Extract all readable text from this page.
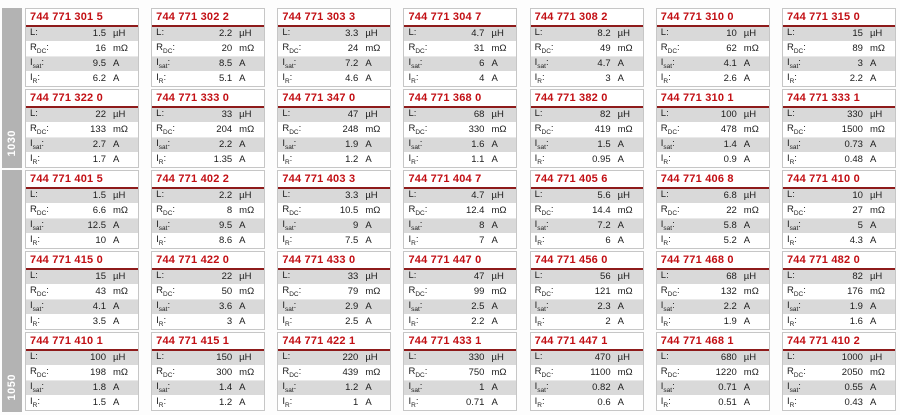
1030
1050
744 771 301 5
L:	1.5 µH
$R_{DC}$:	16 mΩ
$I_{sat}$:	9.5 A
$I_R$:	6.2 A
744 771 302 2
L:	2.2 µH
$R_{DC}$:	20 mΩ
$I_{sat}$:	8.5 A
$I_R$:	5.1 A
744 771 303 3
L:	3.3 µH
$R_{DC}$:	24 mΩ
$I_{sat}$:	7.2 A
$I_R$:	4.6 A
744 771 304 7
L:	4.7 µH
$R_{DC}$:	31 mΩ
$I_{sat}$:	6 A
$I_R$:	4 A
744 771 308 2
L:	8.2 µH
$R_{DC}$:	49 mΩ
$I_{sat}$:	4.7 A
$I_R$:	3 A
744 771 310 0
L:	10 µH
$R_{DC}$:	62 mΩ
$I_{sat}$:	4.1 A
$I_R$:	2.6 A
744 771 315 0
L:	15 µH
$R_{DC}$:	89 mΩ
$I_{sat}$:	3 A
$I_R$:	2.2 A
744 771 322 0
L:	22 µH
$R_{DC}$:	133 mΩ
$I_{sat}$:	2.7 A
$I_R$:	1.7 A
744 771 333 0
L:	33 µH
$R_{DC}$:	204 mΩ
$I_{sat}$:	2.2 A
$I_R$:	1.35 A
744 771 347 0
L:	47 µH
$R_{DC}$:	248 mΩ
$I_{sat}$:	1.9 A
$I_R$:	1.2 A
744 771 368 0
L:	68 µH
$R_{DC}$:	330 mΩ
$I_{sat}$:	1.6 A
$I_R$:	1.1 A
744 771 382 0
L:	82 µH
$R_{DC}$:	419 mΩ
$I_{sat}$:	1.5 A
$I_R$:	0.95 A
744 771 310 1
L:	100 µH
$R_{DC}$:	478 mΩ
$I_{sat}$:	1.4 A
$I_R$:	0.9 A
744 771 333 1
L:	330 µH
$R_{DC}$:	1500 mΩ
$I_{sat}$:	0.73 A
$I_R$:	0.48 A
744 771 401 5
L:	1.5 µH
$R_{DC}$:	6.6 mΩ
$I_{sat}$:	12.5 A
$I_R$:	10 A
744 771 402 2
L:	2.2 µH
$R_{DC}$:	8 mΩ
$I_{sat}$:	9.5 A
$I_R$:	8.6 A
744 771 403 3
L:	3.3 µH
$R_{DC}$:	10.5 mΩ
$I_{sat}$:	9 A
$I_R$:	7.5 A
744 771 404 7
L:	4.7 µH
$R_{DC}$:	12.4 mΩ
$I_{sat}$:	8 A
$I_R$:	7 A
744 771 405 6
L:	5.6 µH
$R_{DC}$:	14.4 mΩ
$I_{sat}$:	7.2 A
$I_R$:	6 A
744 771 406 8
L:	6.8 µH
$R_{DC}$:	22 mΩ
$I_{sat}$:	5.8 A
$I_R$:	5.2 A
744 771 410 0
L:	10 µH
$R_{DC}$:	27 mΩ
$I_{sat}$:	5 A
$I_R$:	4.3 A
744 771 415 0
L:	15 µH
$R_{DC}$:	43 mΩ
$I_{sat}$:	4.1 A
$I_R$:	3.5 A
744 771 422 0
L:	22 µH
$R_{DC}$:	50 mΩ
$I_{sat}$:	3.6 A
$I_R$:	3 A
744 771 433 0
L:	33 µH
$R_{DC}$:	79 mΩ
$I_{sat}$:	2.9 A
$I_R$:	2.5 A
744 771 447 0
L:	47 µH
$R_{DC}$:	99 mΩ
$I_{sat}$:	2.5 A
$I_R$:	2.2 A
744 771 456 0
L:	56 µH
$R_{DC}$:	121 mΩ
$I_{sat}$:	2.3 A
$I_R$:	2 A
744 771 468 0
L:	68 µH
$R_{DC}$:	132 mΩ
$I_{sat}$:	2.2 A
$I_R$:	1.9 A
744 771 482 0
L:	82 µH
$R_{DC}$:	176 mΩ
$I_{sat}$:	1.9 A
$I_R$:	1.6 A
744 771 410 1
L:	100 µH
$R_{DC}$:	198 mΩ
$I_{sat}$:	1.8 A
$I_R$:	1.5 A
744 771 415 1
L:	150 µH
$R_{DC}$:	300 mΩ
$I_{sat}$:	1.4 A
$I_R$:	1.2 A
744 771 422 1
L:	220 µH
$R_{DC}$:	439 mΩ
$I_{sat}$:	1.2 A
$I_R$:	1 A
744 771 433 1
L:	330 µH
$R_{DC}$:	750 mΩ
$I_{sat}$:	1 A
$I_R$:	0.71 A
744 771 447 1
L:	470 µH
$R_{DC}$:	1100 mΩ
$I_{sat}$:	0.82 A
$I_R$:	0.6 A
744 771 468 1
L:	680 µH
$R_{DC}$:	1220 mΩ
$I_{sat}$:	0.71 A
$I_R$:	0.51 A
744 771 410 2
L:	1000 µH
$R_{DC}$:	2050 mΩ
$I_{sat}$:	0.55 A
$I_R$:	0.43 A
